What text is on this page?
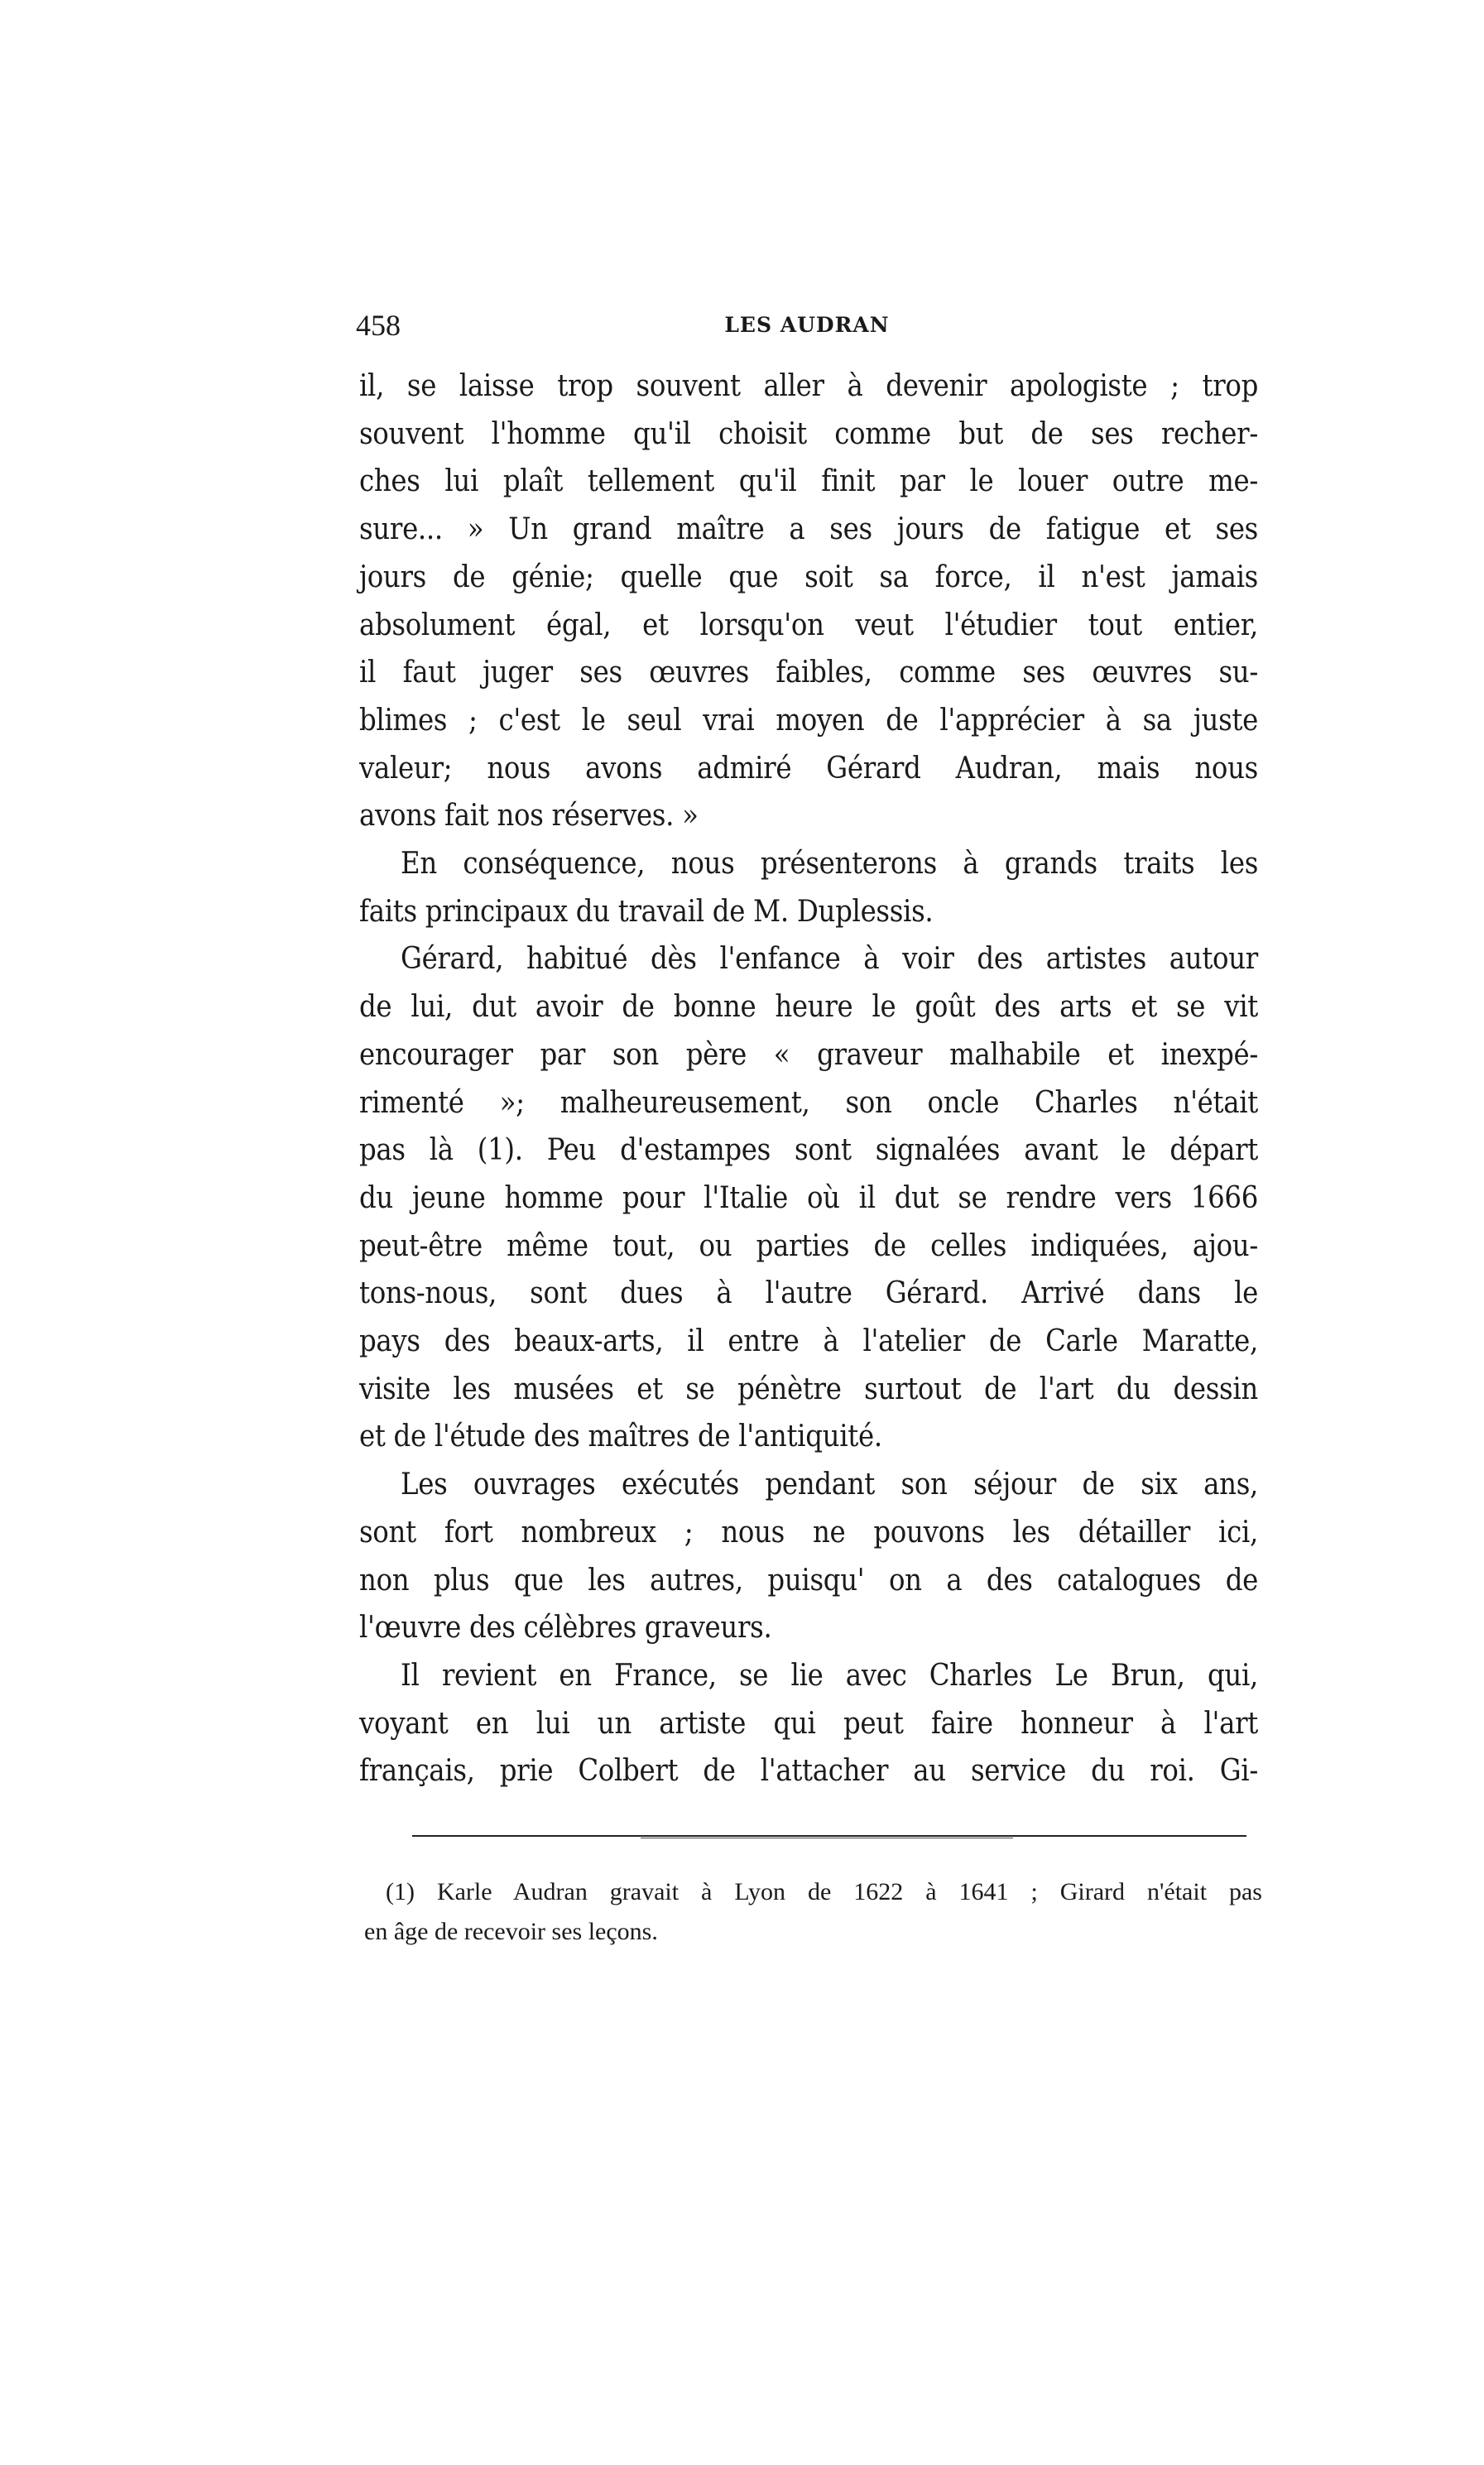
458	LES AUDRAN
il, se laisse trop souvent aller à devenir apologiste ; trop
souvent l'homme qu'il choisit comme but de ses recher-
ches lui plaît tellement qu'il finit par le louer outre me-
sure... » Un grand maître a ses jours de fatigue et ses
jours de génie; quelle que soit sa force, il n'est jamais
absolument égal, et lorsqu'on veut l'étudier tout entier,
il faut juger ses œuvres faibles, comme ses œuvres su-
blimes ; c'est le seul vrai moyen de l'apprécier à sa juste
valeur; nous avons admiré Gérard Audran, mais nous
avons fait nos réserves. »
En conséquence, nous présenterons à grands traits les
faits principaux du travail de M. Duplessis.
Gérard, habitué dès l'enfance à voir des artistes autour
de lui, dut avoir de bonne heure le goût des arts et se vit
encourager par son père « graveur malhabile et inexpé-
rimenté »; malheureusement, son oncle Charles n'était
pas là (1). Peu d'estampes sont signalées avant le départ
du jeune homme pour l'Italie où il dut se rendre vers 1666
peut-être même tout, ou parties de celles indiquées, ajou-
tons-nous, sont dues à l'autre Gérard. Arrivé dans le
pays des beaux-arts, il entre à l'atelier de Carle Maratte,
visite les musées et se pénètre surtout de l'art du dessin
et de l'étude des maîtres de l'antiquité.
Les ouvrages exécutés pendant son séjour de six ans,
sont fort nombreux ; nous ne pouvons les détailler ici,
non plus que les autres, puisqu' on a des catalogues de
l'œuvre des célèbres graveurs.
Il revient en France, se lie avec Charles Le Brun, qui,
voyant en lui un artiste qui peut faire honneur à l'art
français, prie Colbert de l'attacher au service du roi. Gi-
(1) Karle Audran gravait à Lyon de 1622 à 1641 ; Girard n'était pas
en âge de recevoir ses leçons.
